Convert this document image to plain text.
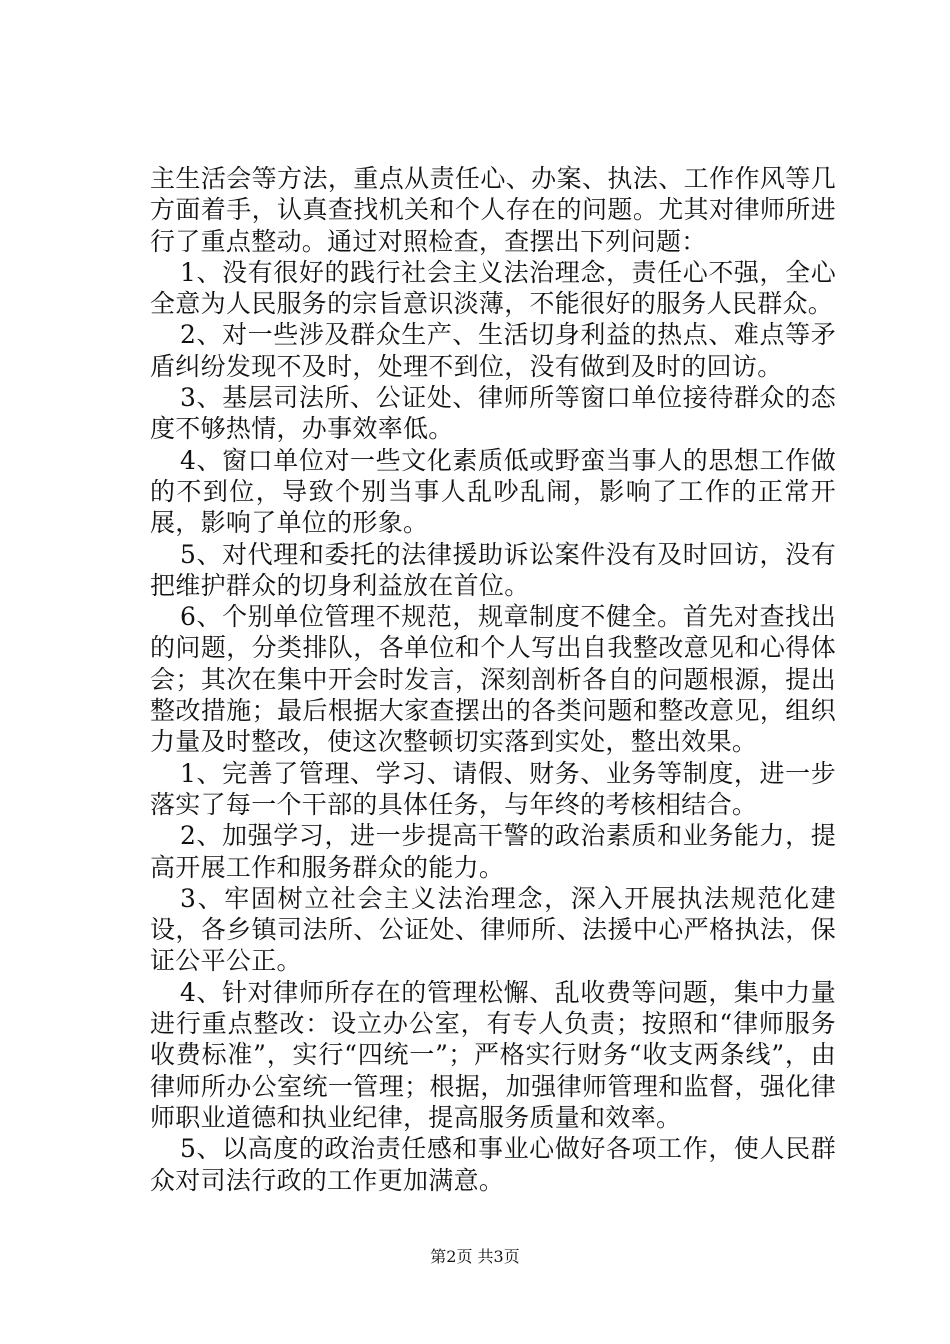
主生活会等方法，重点从责任心、办案、执法、工作作风等几方面着手，认真查找机关和个人存在的问题。尤其对律师所进行了重点整动。通过对照检查，查摆出下列问题：

1、没有很好的践行社会主义法治理念，责任心不强，全心全意为人民服务的宗旨意识淡薄，不能很好的服务人民群众。

2、对一些涉及群众生产、生活切身利益的热点、难点等矛盾纠纷发现不及时，处理不到位，没有做到及时的回访。

3、基层司法所、公证处、律师所等窗口单位接待群众的态度不够热情，办事效率低。

4、窗口单位对一些文化素质低或野蛮当事人的思想工作做的不到位，导致个别当事人乱吵乱闹，影响了工作的正常开展，影响了单位的形象。

5、对代理和委托的法律援助诉讼案件没有及时回访，没有把维护群众的切身利益放在首位。

6、个别单位管理不规范，规章制度不健全。首先对查找出的问题，分类排队，各单位和个人写出自我整改意见和心得体会；其次在集中开会时发言，深刻剖析各自的问题根源，提出整改措施；最后根据大家查摆出的各类问题和整改意见，组织力量及时整改，使这次整顿切实落到实处，整出效果。

1、完善了管理、学习、请假、财务、业务等制度，进一步落实了每一个干部的具体任务，与年终的考核相结合。

2、加强学习，进一步提高干警的政治素质和业务能力，提高开展工作和服务群众的能力。

3、牢固树立社会主义法治理念，深入开展执法规范化建设，各乡镇司法所、公证处、律师所、法援中心严格执法，保证公平公正。

4、针对律师所存在的管理松懈、乱收费等问题，集中力量进行重点整改：设立办公室，有专人负责；按照和“律师服务收费标准”，实行“四统一”；严格实行财务“收支两条线”，由律师所办公室统一管理；根据，加强律师管理和监督，强化律师职业道德和执业纪律，提高服务质量和效率。

5、以高度的政治责任感和事业心做好各项工作，使人民群众对司法行政的工作更加满意。

第2页 共3页
